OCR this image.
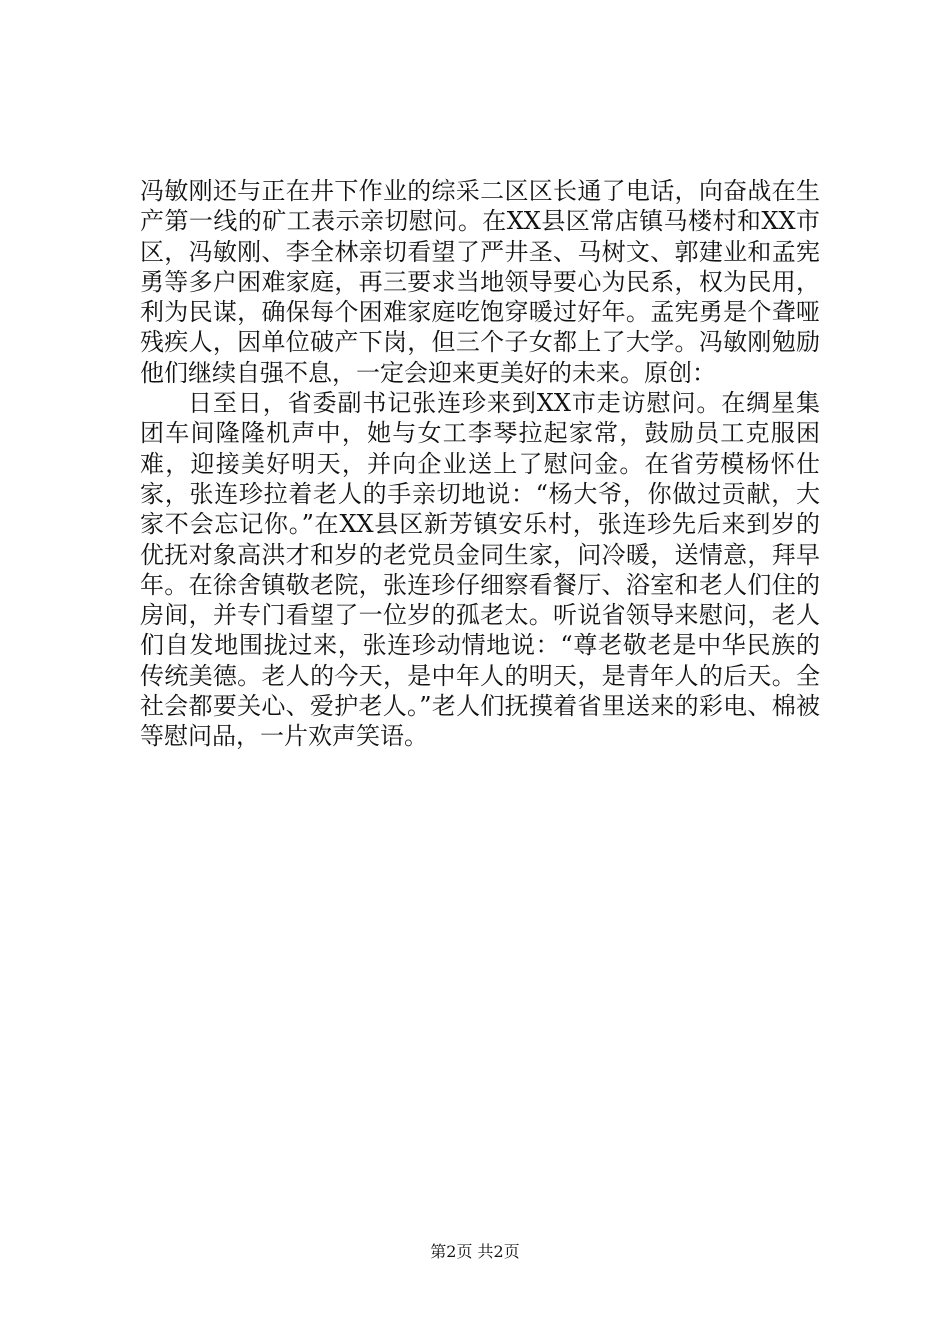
冯敏刚还与正在井下作业的综采二区区长通了电话，向奋战在生产第一线的矿工表示亲切慰问。在XX县区常店镇马楼村和XX市区，冯敏刚、李全林亲切看望了严井圣、马树文、郭建业和孟宪勇等多户困难家庭，再三要求当地领导要心为民系，权为民用，利为民谋，确保每个困难家庭吃饱穿暖过好年。孟宪勇是个聋哑残疾人，因单位破产下岗，但三个子女都上了大学。冯敏刚勉励他们继续自强不息，一定会迎来更美好的未来。原创：

日至日，省委副书记张连珍来到XX市走访慰问。在绸星集团车间隆隆机声中，她与女工李琴拉起家常，鼓励员工克服困难，迎接美好明天，并向企业送上了慰问金。在省劳模杨怀仕家，张连珍拉着老人的手亲切地说：“杨大爷，你做过贡献，大家不会忘记你。”在XX县区新芳镇安乐村，张连珍先后来到岁的优抚对象高洪才和岁的老党员金同生家，问冷暖，送情意，拜早年。在徐舍镇敬老院，张连珍仔细察看餐厅、浴室和老人们住的房间，并专门看望了一位岁的孤老太。听说省领导来慰问，老人们自发地围拢过来，张连珍动情地说：“尊老敬老是中华民族的传统美德。老人的今天，是中年人的明天，是青年人的后天。全社会都要关心、爱护老人。”老人们抚摸着省里送来的彩电、棉被等慰问品，一片欢声笑语。

第2页 共2页
